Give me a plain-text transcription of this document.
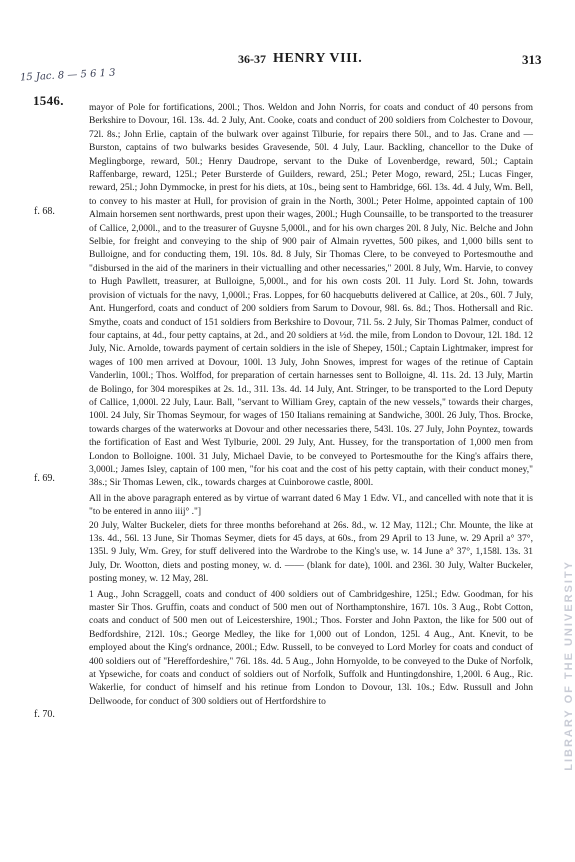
15 Jac. 8 — 5 6 1 3
36-37 HENRY VIII.	313
1546.
f. 68.
f. 69.
f. 70.	LIBRARY OF THE UNIVERSITY

mayor of Pole for fortifications, 200l.; Thos. Weldon and John Norris, for coats and conduct of 40 persons from Berkshire to Dovour, 16l. 13s. 4d. 2 July, Ant. Cooke, coats and conduct of 200 soldiers from Colchester to Dovour, 72l. 8s.; John Erlie, captain of the bulwark over against Tilburie, for repairs there 50l., and to Jas. Crane and — Burston, captains of two bulwarks besides Gravesende, 50l. 4 July, Laur. Backling, chancellor to the Duke of Meglingborge, reward, 50l.; Henry Daudrope, servant to the Duke of Lovenberdge, reward, 50l.; Captain Raffenbarge, reward, 125l.; Peter Bursterde of Guilders, reward, 25l.; Peter Mogo, reward, 25l.; Lucas Finger, reward, 25l.; John Dymmocke, in prest for his diets, at 10s., being sent to Hambridge, 66l. 13s. 4d. 4 July, Wm. Bell, to convey to his master at Hull, for provision of grain in the North, 300l.; Peter Holme, appointed captain of 100 Almain horsemen sent northwards, prest upon their wages, 200l.; Hugh Counsaille, to be transported to the treasurer of Callice, 2,000l., and to the treasurer of Guysne 5,000l., and for his own charges 20l. 8 July, Nic. Belche and John Selbie, for freight and conveying to the ship of 900 pair of Almain ryvettes, 500 pikes, and 1,000 bills sent to Bulloigne, and for conducting them, 19l. 10s. 8d. 8 July, Sir Thomas Clere, to be conveyed to Portesmouthe and "disbursed in the aid of the mariners in their victualling and other necessaries," 200l. 8 July, Wm. Harvie, to convey to Hugh Pawllett, treasurer, at Bulloigne, 5,000l., and for his own costs 20l. 11 July. Lord St. John, towards provision of victuals for the navy, 1,000l.; Fras. Loppes, for 60 hacquebutts delivered at Callice, at 20s., 60l. 7 July, Ant. Hungerford, coats and conduct of 200 soldiers from Sarum to Dovour, 98l. 6s. 8d.; Thos. Hothersall and Ric. Smythe, coats and conduct of 151 soldiers from Berkshire to Dovour, 71l. 5s. 2 July, Sir Thomas Palmer, conduct of four captains, at 4d., four petty captains, at 2d., and 20 soldiers at ½d. the mile, from London to Dovour, 12l. 18d. 12 July, Nic. Arnolde, towards payment of certain soldiers in the isle of Shepey, 150l.; Captain Lightmaker, imprest for wages of 100 men arrived at Dovour, 100l. 13 July, John Snowes, imprest for wages of the retinue of Captain Vanderlin, 100l.; Thos. Wolffod, for preparation of certain harnesses sent to Bolloigne, 4l. 11s. 2d. 13 July, Martin de Bolingo, for 304 morespikes at 2s. 1d., 31l. 13s. 4d. 14 July, Ant. Stringer, to be transported to the Lord Deputy of Callice, 1,000l. 22 July, Laur. Ball, "servant to William Grey, captain of the new vessels," towards their charges, 100l. 24 July, Sir Thomas Seymour, for wages of 150 Italians remaining at Sandwiche, 300l. 26 July, Thos. Brocke, towards charges of the waterworks at Dovour and other necessaries there, 543l. 10s. 27 July, John Poyntez, towards the fortification of East and West Tylburie, 200l. 29 July, Ant. Hussey, for the transportation of 1,000 men from London to Bolloigne. 100l. 31 July, Michael Davie, to be conveyed to Portesmouthe for the King's affairs there, 3,000l.; James Isley, captain of 100 men, "for his coat and the cost of his petty captain, with their conduct money," 38s.; Sir Thomas Lewen, clk., towards charges at Cuinborowe castle, 800l.

All in the above paragraph entered as by virtue of warrant dated 6 May 1 Edw. VI., and cancelled with note that it is "to be entered in anno iiij° ."]

20 July, Walter Buckeler, diets for three months beforehand at 26s. 8d., w. 12 May, 112l.; Chr. Mounte, the like at 13s. 4d., 56l. 13 June, Sir Thomas Seymer, diets for 45 days, at 60s., from 29 April to 13 June, w. 29 April a° 37°, 135l. 9 July, Wm. Grey, for stuff delivered into the Wardrobe to the King's use, w. 14 June a° 37°, 1,158l. 13s. 31 July, Dr. Wootton, diets and posting money, w. d. —— (blank for date), 100l. and 236l. 30 July, Walter Buckeler, posting money, w. 12 May, 28l.

1 Aug., John Scraggell, coats and conduct of 400 soldiers out of Cambridgeshire, 125l.; Edw. Goodman, for his master Sir Thos. Gruffin, coats and conduct of 500 men out of Northamptonshire, 167l. 10s. 3 Aug., Robt Cotton, coats and conduct of 500 men out of Leicestershire, 190l.; Thos. Forster and John Paxton, the like for 500 out of Bedfordshire, 212l. 10s.; George Medley, the like for 1,000 out of London, 125l. 4 Aug., Ant. Knevit, to be employed about the King's ordnance, 200l.; Edw. Russell, to be conveyed to Lord Morley for coats and conduct of 400 soldiers out of "Hereffordeshire," 76l. 18s. 4d. 5 Aug., John Hornyolde, to be conveyed to the Duke of Norfolk, at Ypsewiche, for coats and conduct of soldiers out of Norfolk, Suffolk and Huntingdonshire, 1,200l. 6 Aug., Ric. Wakerlie, for conduct of himself and his retinue from London to Dovour, 13l. 10s.; Edw. Russull and John Dellwoode, for conduct of 300 soldiers out of Hertfordshire to
